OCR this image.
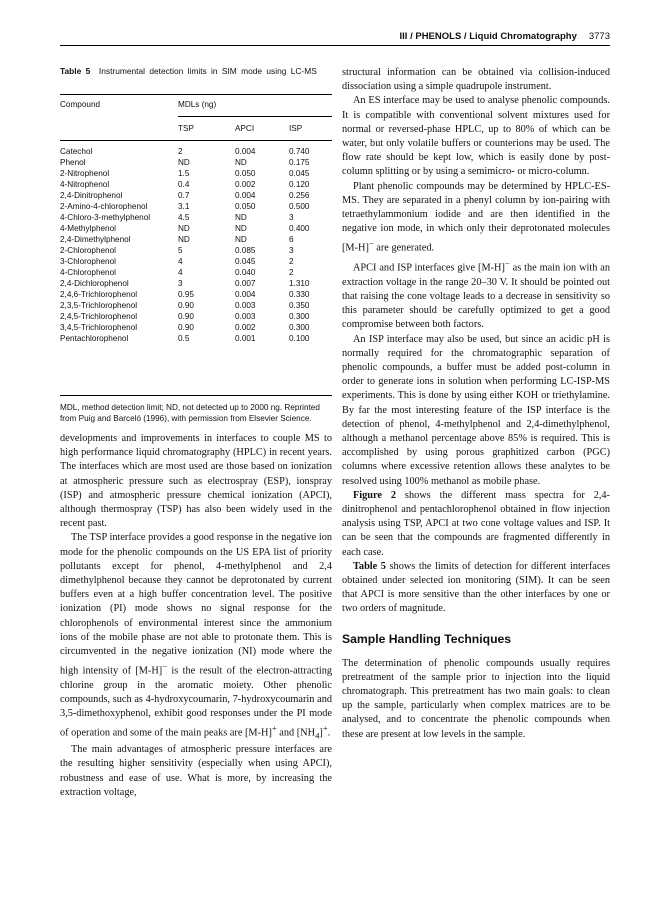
III / PHENOLS / Liquid Chromatography 3773
Table 5 Instrumental detection limits in SIM mode using LC-MS
Compound	MDLs (ng)
TSP	APCI	ISP
Catechol	2	0.004	0.740
Phenol	ND	ND	0.175
2-Nitrophenol	1.5	0.050	0.045
4-Nitrophenol	0.4	0.002	0.120
2,4-Dinitrophenol	0.7	0.004	0.256
2-Amino-4-chlorophenol	3.1	0.050	0.500
4-Chloro-3-methylphenol	4.5	ND	3
4-Methylphenol	ND	ND	0.400
2,4-Dimethylphenol	ND	ND	6
2-Chlorophenol	5	0.085	3
3-Chlorophenol	4	0.045	2
4-Chlorophenol	4	0.040	2
2,4-Dichlorophenol	3	0.007	1.310
2,4,6-Trichlorophenol	0.95	0.004	0.330
2,3,5-Trichlorophenol	0.90	0.003	0.350
2,4,5-Trichlorophenol	0.90	0.003	0.300
3,4,5-Trichlorophenol	0.90	0.002	0.300
Pentachlorophenol	0.5	0.001	0.100
MDL, method detection limit; ND, not detected up to 2000 ng. Reprinted from Puig and Barceló (1996), with permission from Elsevier Science.

developments and improvements in interfaces to couple MS to high performance liquid chromatography (HPLC) in recent years. The interfaces which are most used are those based on ionization at atmospheric pressure such as electrospray (ESP), ionspray (ISP) and atmospheric pressure chemical ionization (APCI), although thermospray (TSP) has also been widely used in the recent past.

The TSP interface provides a good response in the negative ion mode for the phenolic compounds on the US EPA list of priority pollutants except for phenol, 4-methylphenol and 2,4 dimethylphenol because they cannot be deprotonated by current buffers even at a high buffer concentration level. The positive ionization (PI) mode shows no signal response for the chlorophenols of environmental interest since the ammonium ions of the mobile phase are not able to protonate them. This is circumvented in the negative ionization (NI) mode where the high intensity of [M-H]− is the result of the electron-attracting chlorine group in the aromatic moiety. Other phenolic compounds, such as 4-hydroxycoumarin, 7-hydroxycoumarin and 3,5-dimethoxyphenol, exhibit good responses under the PI mode of operation and some of the main peaks are [M-H]+ and $[NH_4]^+$.

The main advantages of atmospheric pressure interfaces are the resulting higher sensitivity (especially when using APCI), robustness and ease of use. What is more, by increasing the extraction voltage,

structural information can be obtained via collision-induced dissociation using a simple quadrupole instrument.

An ES interface may be used to analyse phenolic compounds. It is compatible with conventional solvent mixtures used for normal or reversed-phase HPLC, up to 80% of which can be water, but only volatile buffers or counterions may be used. The flow rate should be kept low, which is easily done by post-column splitting or by using a semimicro- or micro-column.

Plant phenolic compounds may be determined by HPLC-ES-MS. They are separated in a phenyl column by ion-pairing with tetraethylammonium iodide and are then identified in the negative ion mode, in which only their deprotonated molecules [M-H]− are generated.

APCI and ISP interfaces give [M-H]− as the main ion with an extraction voltage in the range 20–30 V. It should be pointed out that raising the cone voltage leads to a decrease in sensitivity so this parameter should be carefully optimized to get a good compromise between both factors.

An ISP interface may also be used, but since an acidic pH is normally required for the chromatographic separation of phenolic compounds, a buffer must be added post-column in order to generate ions in solution when performing LC-ISP-MS experiments. This is done by using either KOH or triethylamine. By far the most interesting feature of the ISP interface is the detection of phenol, 4-methylphenol and 2,4-dimethylphenol, although a methanol percentage above 85% is required. This is accomplished by using porous graphitized carbon (PGC) columns where excessive retention allows these analytes to be resolved using 100% methanol as mobile phase.

Figure 2 shows the different mass spectra for 2,4-dinitrophenol and pentachlorophenol obtained in flow injection analysis using TSP, APCI at two cone voltage values and ISP. It can be seen that the compounds are fragmented differently in each case.

Table 5 shows the limits of detection for different interfaces obtained under selected ion monitoring (SIM). It can be seen that APCI is more sensitive than the other interfaces by one or two orders of magnitude.

Sample Handling Techniques

The determination of phenolic compounds usually requires pretreatment of the sample prior to injection into the liquid chromatograph. This pretreatment has two main goals: to clean up the sample, particularly when complex matrices are to be analysed, and to concentrate the phenolic compounds when these are present at low levels in the sample.
